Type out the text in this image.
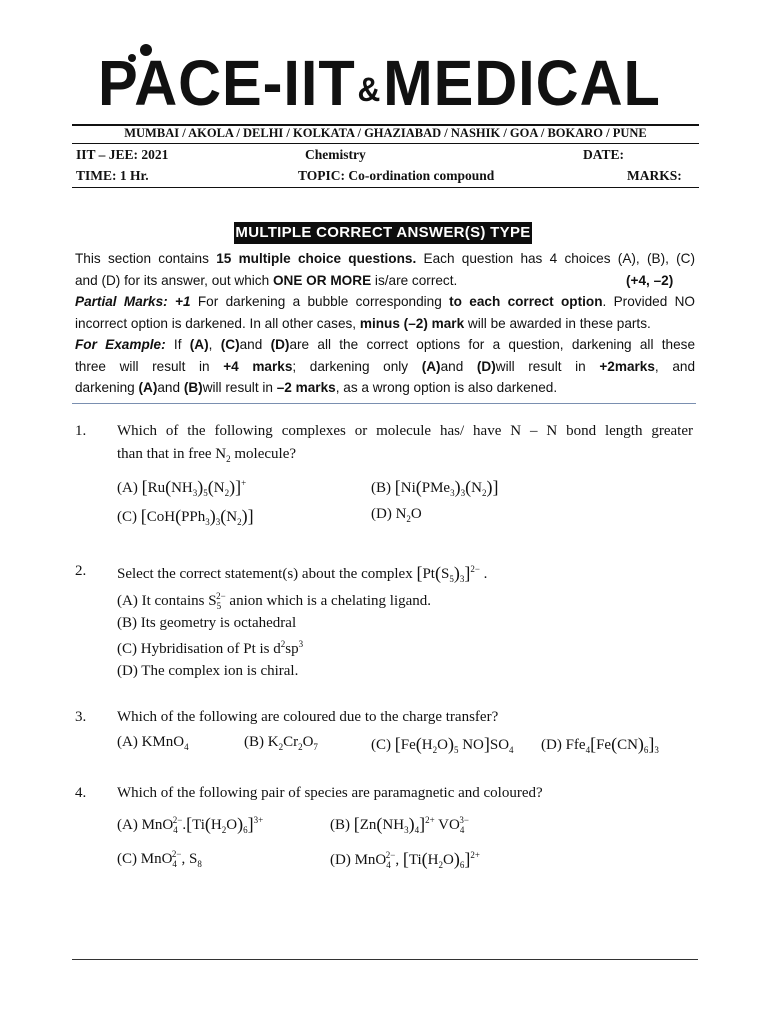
PACE-IIT&MEDICAL
MUMBAI / AKOLA / DELHI / KOLKATA / GHAZIABAD / NASHIK / GOA / BOKARO / PUNE
IIT – JEE: 2021	Chemistry	DATE:
TIME: 1 Hr.	TOPIC: Co-ordination compound	MARKS:
MULTIPLE CORRECT ANSWER(S) TYPE
This section contains 15 multiple choice questions. Each question has 4 choices (A), (B), (C)
and (D) for its answer, out which ONE OR MORE is/are correct.	(+4, –2)
Partial Marks: +1 For darkening a bubble corresponding to each correct option. Provided NO
incorrect option is darkened. In all other cases, minus (–2) mark will be awarded in these parts.
For Example: If (A), (C)and (D)are all the correct options for a question, darkening all these
three will result in +4 marks; darkening only (A)and (D)will result in +2marks, and
darkening (A)and (B)will result in –2 marks, as a wrong option is also darkened.
1. Which of the following complexes or molecule has/ have N – N bond length greater
than that in free $N_2$ molecule?
(A) $[Ru(NH_3)_5(N_2)]^+$	(B) $[Ni(PMe_3)_3(N_2)]$
(C) $[CoH(PPh_3)_3(N_2)]$	(D) $N_2O$
2. Select the correct statement(s) about the complex $[Pt(S_5)_3]^{2-}$ .
(A) It contains $S_5^{2-}$ anion which is a chelating ligand.
(B) Its geometry is octahedral
(C) Hybridisation of Pt is $d^2sp^3$
(D) The complex ion is chiral.
3. Which of the following are coloured due to the charge transfer?
(A) KMnO$_4$	(B) $K_2Cr_2O_7$	(C) [$Fe(H_2O)_5$ $NO]SO_4$ (D) $Ffe_4[Fe(CN)_6]_3$
4. Which of the following pair of species are paramagnetic and coloured?
(A) $MnO_4^{2-}.[Ti(H_2O)_6]^{3+}$	(B) $[Zn(NH_3)_4]^{2+}$ $VO_4^{3-}$
(C) MnO$_4^{2-}$, $S_8$	(D) MnO$_4^{2-}$, $[Ti(H_2O)_6]^{2+}$
